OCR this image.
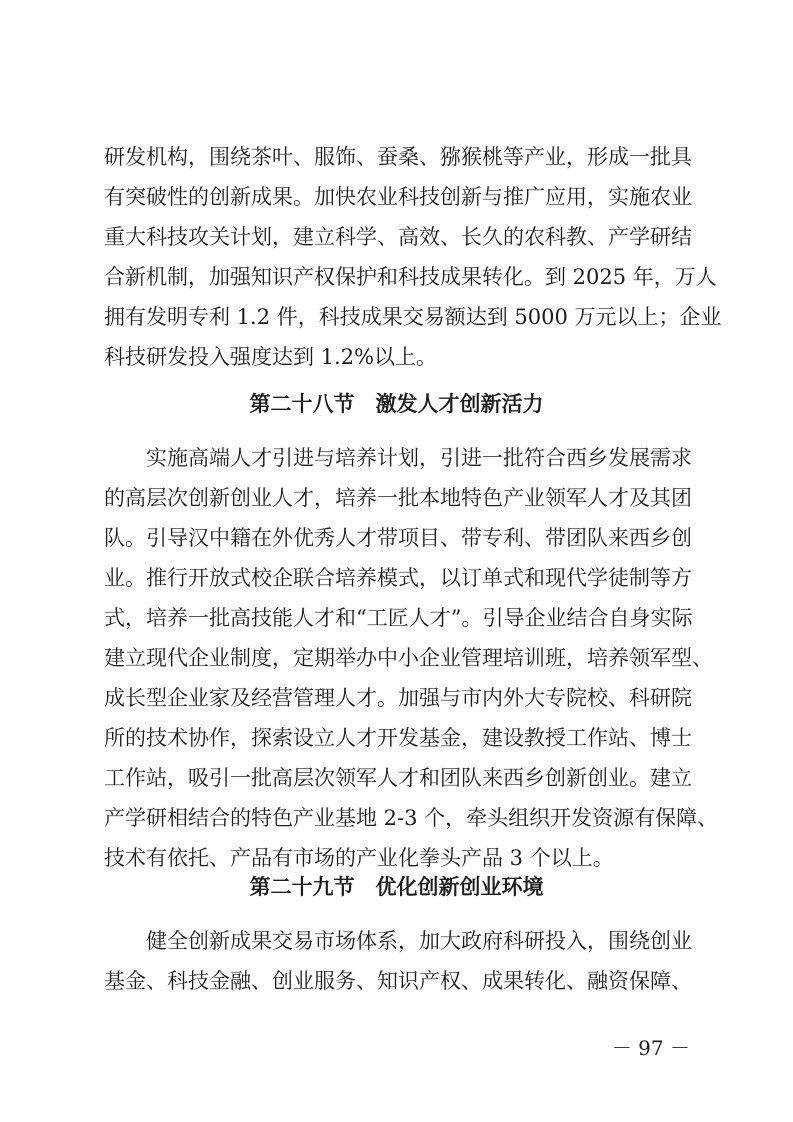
研发机构，围绕茶叶、服饰、蚕桑、猕猴桃等产业，形成一批具
有突破性的创新成果。加快农业科技创新与推广应用，实施农业
重大科技攻关计划，建立科学、高效、长久的农科教、产学研结
合新机制，加强知识产权保护和科技成果转化。到 2025 年，万人
拥有发明专利 1.2 件，科技成果交易额达到 5000 万元以上；企业
科技研发投入强度达到 1.2%以上。
第二十八节　激发人才创新活力
实施高端人才引进与培养计划，引进一批符合西乡发展需求
的高层次创新创业人才，培养一批本地特色产业领军人才及其团
队。引导汉中籍在外优秀人才带项目、带专利、带团队来西乡创
业。推行开放式校企联合培养模式，以订单式和现代学徒制等方
式，培养一批高技能人才和“工匠人才”。引导企业结合自身实际
建立现代企业制度，定期举办中小企业管理培训班，培养领军型、
成长型企业家及经营管理人才。加强与市内外大专院校、科研院
所的技术协作，探索设立人才开发基金，建设教授工作站、博士
工作站，吸引一批高层次领军人才和团队来西乡创新创业。建立
产学研相结合的特色产业基地 2-3 个，牵头组织开发资源有保障、
技术有依托、产品有市场的产业化拳头产品 3 个以上。
第二十九节　优化创新创业环境
健全创新成果交易市场体系，加大政府科研投入，围绕创业
基金、科技金融、创业服务、知识产权、成果转化、融资保障、
－ 97 －
